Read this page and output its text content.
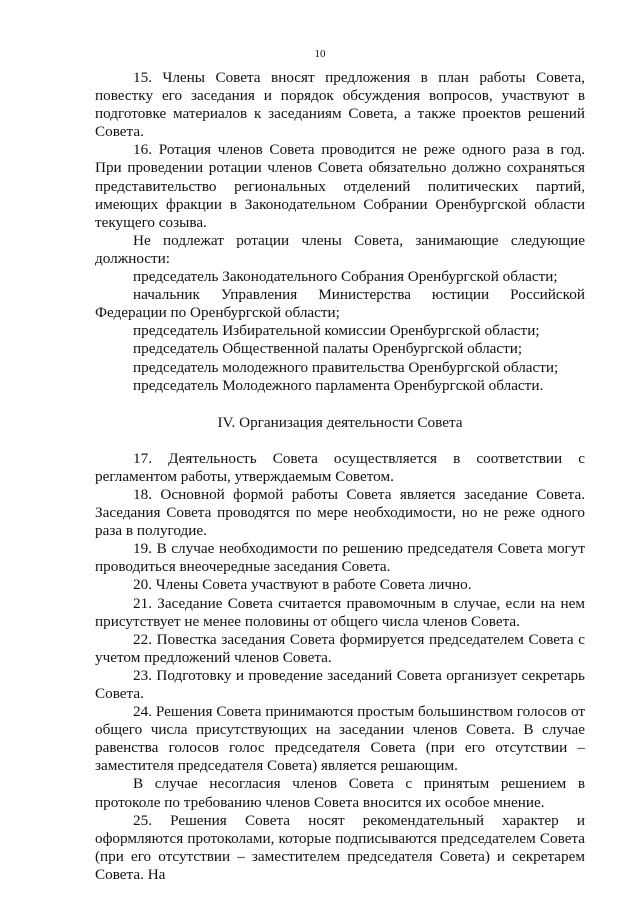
10

15. Члены Совета вносят предложения в план работы Совета, повестку его заседания и порядок обсуждения вопросов, участвуют в подготовке материалов к заседаниям Совета, а также проектов решений Совета.

16. Ротация членов Совета проводится не реже одного раза в год. При проведении ротации членов Совета обязательно должно сохраняться представительство региональных отделений политических партий, имеющих фракции в Законодательном Собрании Оренбургской области текущего созыва.

Не подлежат ротации члены Совета, занимающие следующие должности:

председатель Законодательного Собрания Оренбургской области;

начальник Управления Министерства юстиции Российской Федерации по Оренбургской области;

председатель Избирательной комиссии Оренбургской области;

председатель Общественной палаты Оренбургской области;

председатель молодежного правительства Оренбургской области;

председатель Молодежного парламента Оренбургской области.

IV. Организация деятельности Совета

17. Деятельность Совета осуществляется в соответствии с регламентом работы, утверждаемым Советом.

18. Основной формой работы Совета является заседание Совета. Заседания Совета проводятся по мере необходимости, но не реже одного раза в полугодие.

19. В случае необходимости по решению председателя Совета могут проводиться внеочередные заседания Совета.

20. Члены Совета участвуют в работе Совета лично.

21. Заседание Совета считается правомочным в случае, если на нем присутствует не менее половины от общего числа членов Совета.

22. Повестка заседания Совета формируется председателем Совета с учетом предложений членов Совета.

23. Подготовку и проведение заседаний Совета организует секретарь Совета.

24. Решения Совета принимаются простым большинством голосов от общего числа присутствующих на заседании членов Совета. В случае равенства голосов голос председателя Совета (при его отсутствии – заместителя председателя Совета) является решающим.

В случае несогласия членов Совета с принятым решением в протоколе по требованию членов Совета вносится их особое мнение.

25. Решения Совета носят рекомендательный характер и оформляются протоколами, которые подписываются председателем Совета (при его отсутствии – заместителем председателя Совета) и секретарем Совета. На
